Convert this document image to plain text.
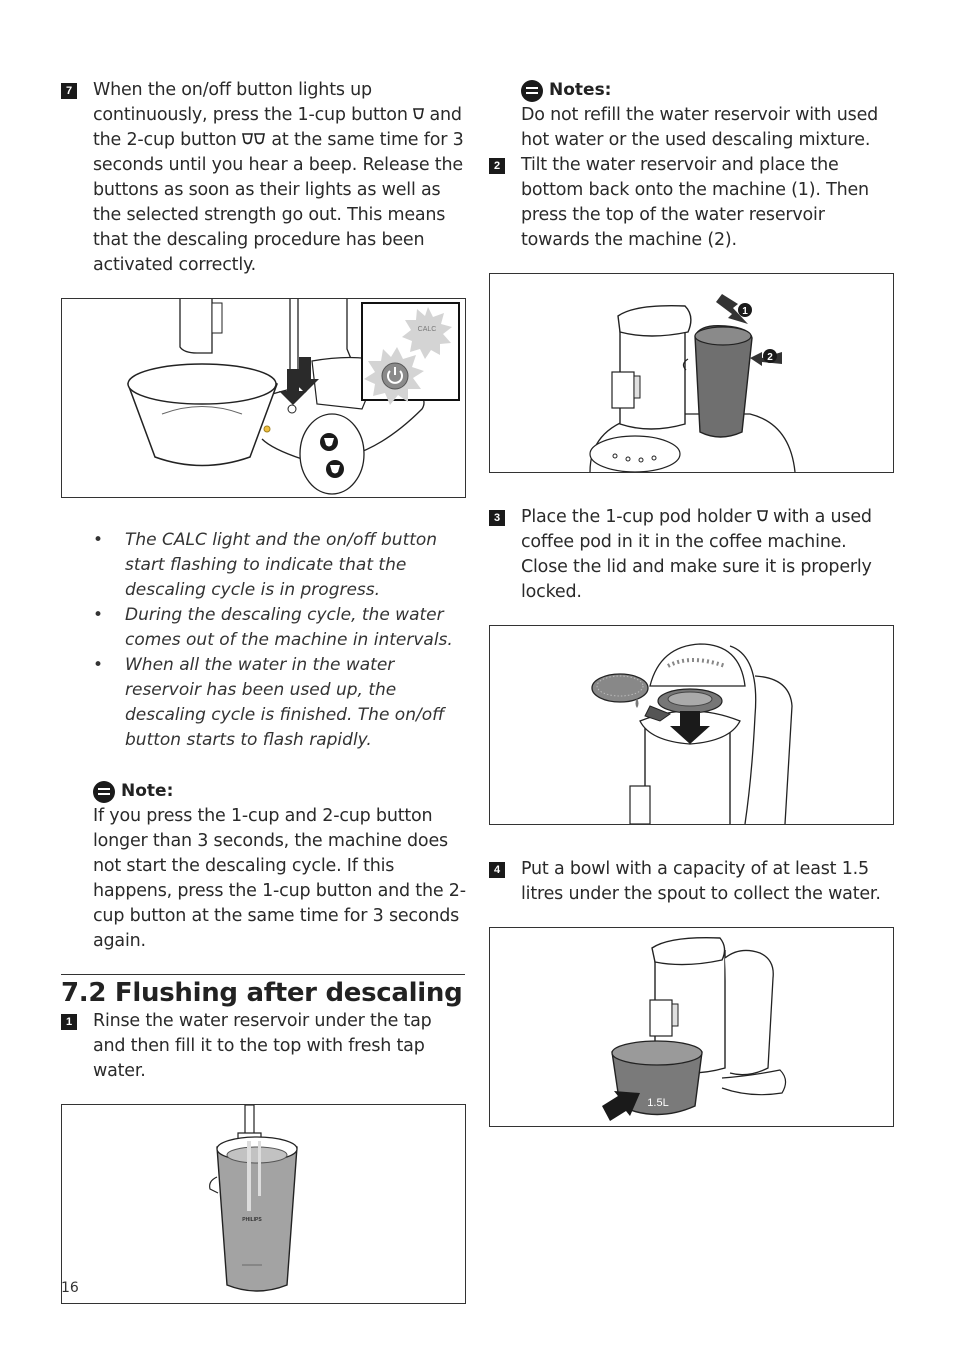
7 When the on/off button lights up continuously, press the 1-cup button and the 2-cup button at the same time for 3 seconds until you hear a beep. Release the buttons as soon as their lights as well as the selected strength go out. This means that the descaling procedure has been activated correctly.
CALC
• The CALC light and the on/off button start flashing to indicate that the descaling cycle is in progress.
• During the descaling cycle, the water comes out of the machine in intervals.
• When all the water in the water reservoir has been used up, the descaling cycle is finished. The on/off button starts to flash rapidly.
Note:
If you press the 1-cup and 2-cup button longer than 3 seconds, the machine does not start the descaling cycle. If this happens, press the 1-cup button and the 2-cup button at the same time for 3 seconds again.
7.2 Flushing after descaling
1 Rinse the water reservoir under the tap and then fill it to the top with fresh tap water.
PHILIPS
Notes:
Do not refill the water reservoir with used hot water or the used descaling mixture.
2 Tilt the water reservoir and place the bottom back onto the machine (1). Then press the top of the water reservoir towards the machine (2).
1
2
3 Place the 1-cup pod holder with a used coffee pod in it in the coffee machine. Close the lid and make sure it is properly locked.
4 Put a bowl with a capacity of at least 1.5 litres under the spout to collect the water.
1.5L
16
